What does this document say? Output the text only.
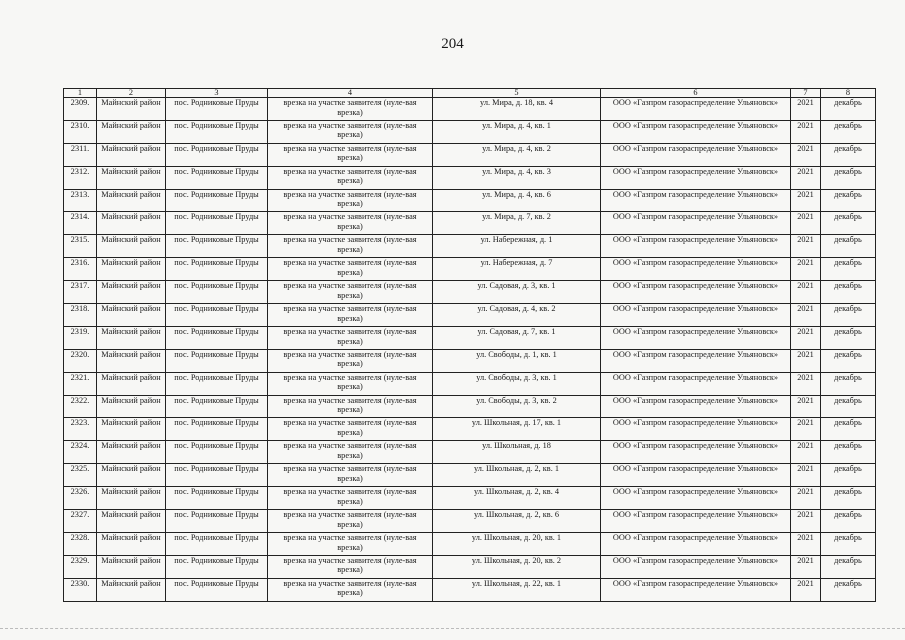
204
1	2	3	4	5	6	7	8
2309.	Майнский район	пос. Родниковые Пруды	врезка на участке заявителя (нуле-вая врезка)	ул. Мира, д. 18, кв. 4	ООО «Газпром газораспределение Ульяновск»	2021	декабрь
2310.	Майнский район	пос. Родниковые Пруды	врезка на участке заявителя (нуле-вая врезка)	ул. Мира, д. 4, кв. 1	ООО «Газпром газораспределение Ульяновск»	2021	декабрь
2311.	Майнский район	пос. Родниковые Пруды	врезка на участке заявителя (нуле-вая врезка)	ул. Мира, д. 4, кв. 2	ООО «Газпром газораспределение Ульяновск»	2021	декабрь
2312.	Майнский район	пос. Родниковые Пруды	врезка на участке заявителя (нуле-вая врезка)	ул. Мира, д. 4, кв. 3	ООО «Газпром газораспределение Ульяновск»	2021	декабрь
2313.	Майнский район	пос. Родниковые Пруды	врезка на участке заявителя (нуле-вая врезка)	ул. Мира, д. 4, кв. 6	ООО «Газпром газораспределение Ульяновск»	2021	декабрь
2314.	Майнский район	пос. Родниковые Пруды	врезка на участке заявителя (нуле-вая врезка)	ул. Мира, д. 7, кв. 2	ООО «Газпром газораспределение Ульяновск»	2021	декабрь
2315.	Майнский район	пос. Родниковые Пруды	врезка на участке заявителя (нуле-вая врезка)	ул. Набережная, д. 1	ООО «Газпром газораспределение Ульяновск»	2021	декабрь
2316.	Майнский район	пос. Родниковые Пруды	врезка на участке заявителя (нуле-вая врезка)	ул. Набережная, д. 7	ООО «Газпром газораспределение Ульяновск»	2021	декабрь
2317.	Майнский район	пос. Родниковые Пруды	врезка на участке заявителя (нуле-вая врезка)	ул. Садовая, д. 3, кв. 1	ООО «Газпром газораспределение Ульяновск»	2021	декабрь
2318.	Майнский район	пос. Родниковые Пруды	врезка на участке заявителя (нуле-вая врезка)	ул. Садовая, д. 4, кв. 2	ООО «Газпром газораспределение Ульяновск»	2021	декабрь
2319.	Майнский район	пос. Родниковые Пруды	врезка на участке заявителя (нуле-вая врезка)	ул. Садовая, д. 7, кв. 1	ООО «Газпром газораспределение Ульяновск»	2021	декабрь
2320.	Майнский район	пос. Родниковые Пруды	врезка на участке заявителя (нуле-вая врезка)	ул. Свободы, д. 1, кв. 1	ООО «Газпром газораспределение Ульяновск»	2021	декабрь
2321.	Майнский район	пос. Родниковые Пруды	врезка на участке заявителя (нуле-вая врезка)	ул. Свободы, д. 3, кв. 1	ООО «Газпром газораспределение Ульяновск»	2021	декабрь
2322.	Майнский район	пос. Родниковые Пруды	врезка на участке заявителя (нуле-вая врезка)	ул. Свободы, д. 3, кв. 2	ООО «Газпром газораспределение Ульяновск»	2021	декабрь
2323.	Майнский район	пос. Родниковые Пруды	врезка на участке заявителя (нуле-вая врезка)	ул. Школьная, д. 17, кв. 1	ООО «Газпром газораспределение Ульяновск»	2021	декабрь
2324.	Майнский район	пос. Родниковые Пруды	врезка на участке заявителя (нуле-вая врезка)	ул. Школьная, д. 18	ООО «Газпром газораспределение Ульяновск»	2021	декабрь
2325.	Майнский район	пос. Родниковые Пруды	врезка на участке заявителя (нуле-вая врезка)	ул. Школьная, д. 2, кв. 1	ООО «Газпром газораспределение Ульяновск»	2021	декабрь
2326.	Майнский район	пос. Родниковые Пруды	врезка на участке заявителя (нуле-вая врезка)	ул. Школьная, д. 2, кв. 4	ООО «Газпром газораспределение Ульяновск»	2021	декабрь
2327.	Майнский район	пос. Родниковые Пруды	врезка на участке заявителя (нуле-вая врезка)	ул. Школьная, д. 2, кв. 6	ООО «Газпром газораспределение Ульяновск»	2021	декабрь
2328.	Майнский район	пос. Родниковые Пруды	врезка на участке заявителя (нуле-вая врезка)	ул. Школьная, д. 20, кв. 1	ООО «Газпром газораспределение Ульяновск»	2021	декабрь
2329.	Майнский район	пос. Родниковые Пруды	врезка на участке заявителя (нуле-вая врезка)	ул. Школьная, д. 20, кв. 2	ООО «Газпром газораспределение Ульяновск»	2021	декабрь
2330.	Майнский район	пос. Родниковые Пруды	врезка на участке заявителя (нуле-вая врезка)	ул. Школьная, д. 22, кв. 1	ООО «Газпром газораспределение Ульяновск»	2021	декабрь
